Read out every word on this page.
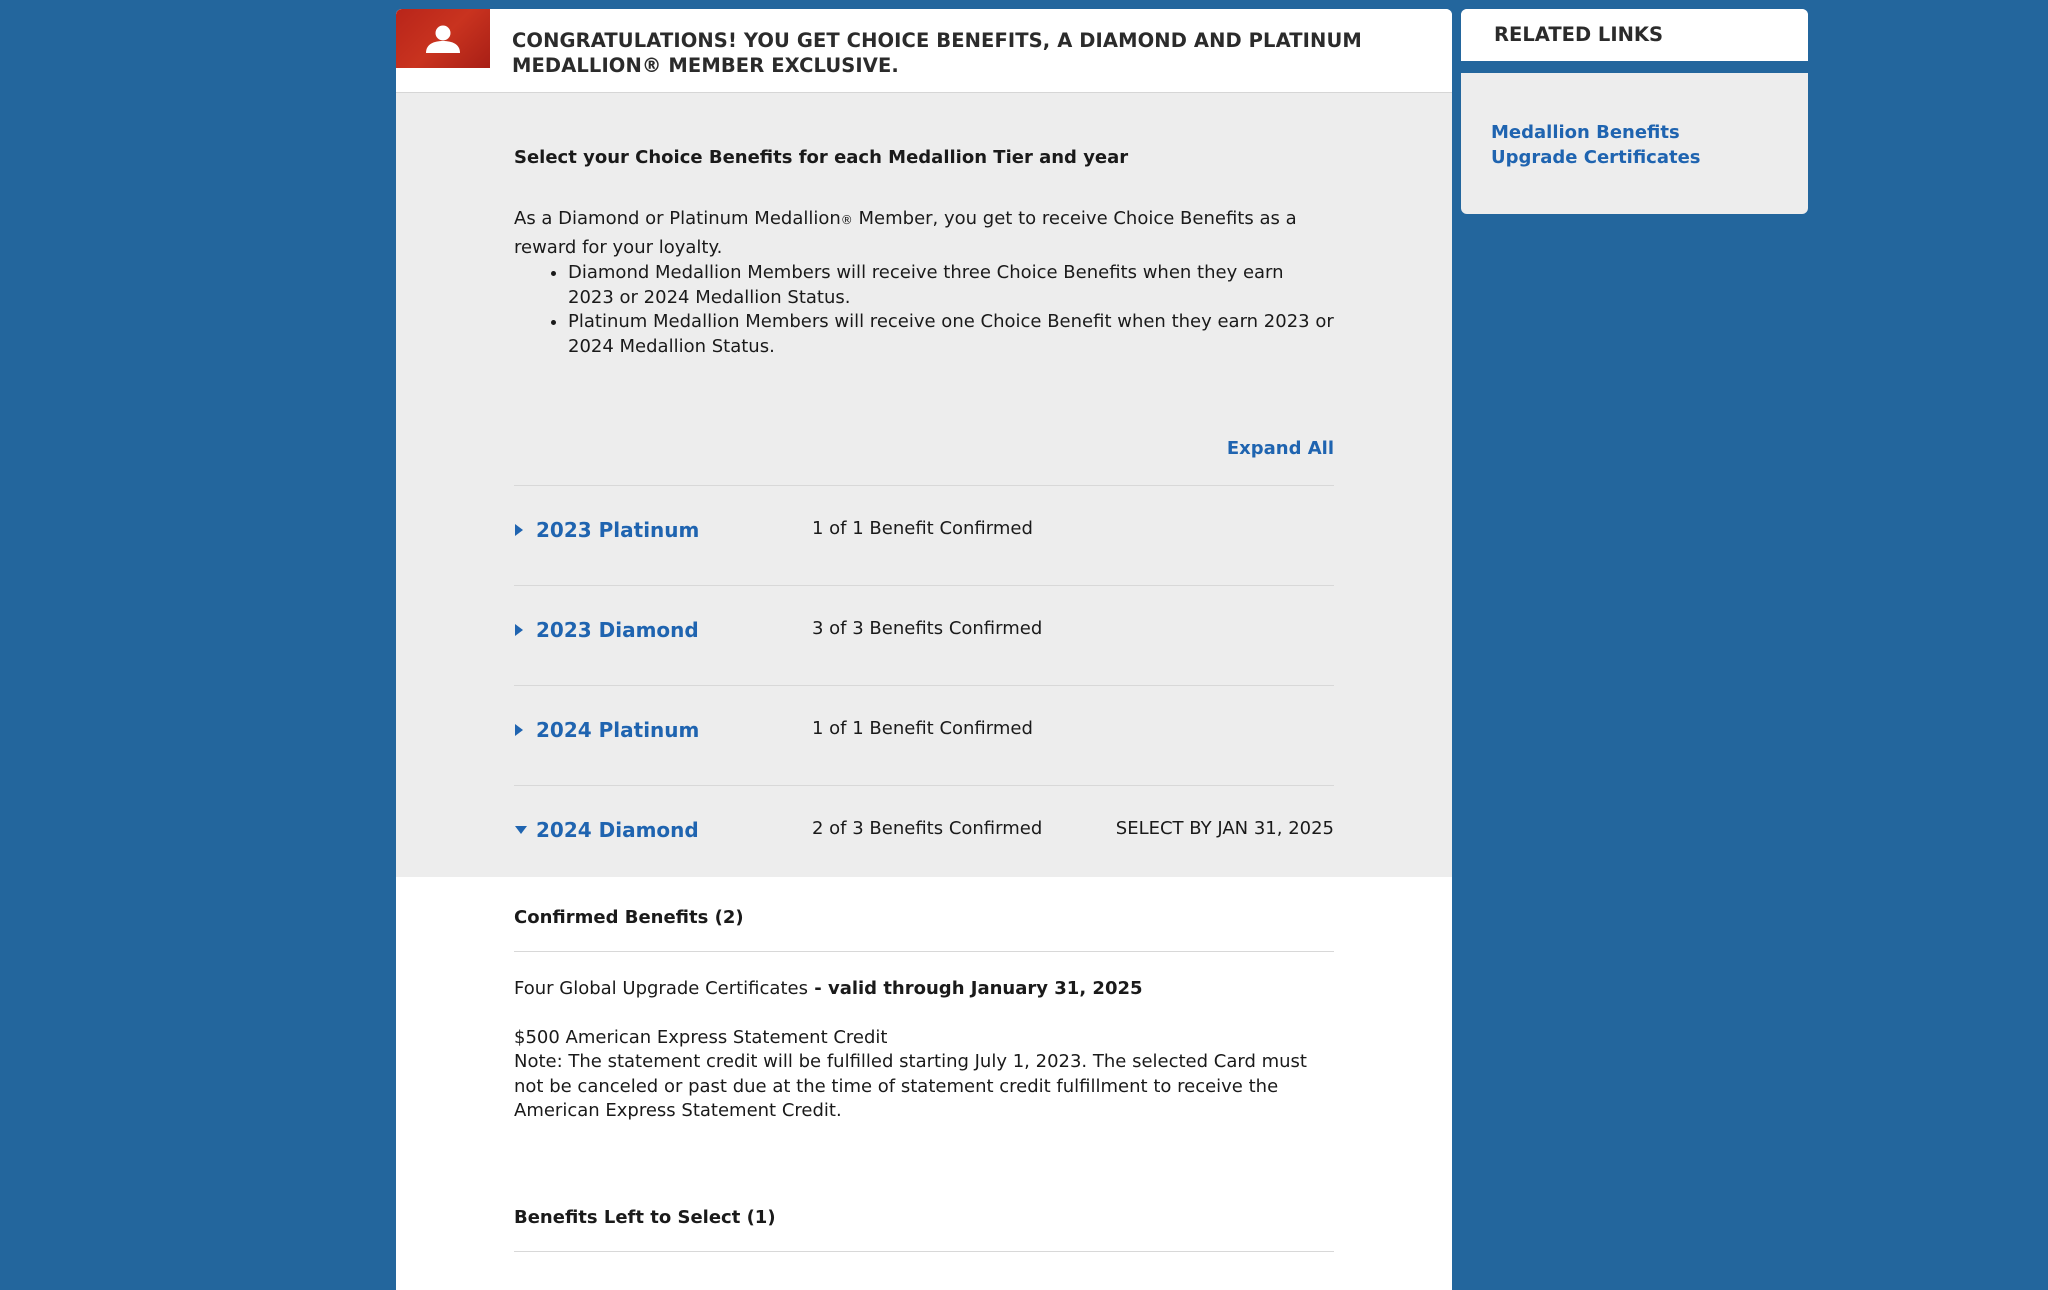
CONGRATULATIONS! YOU GET CHOICE BENEFITS, A DIAMOND AND PLATINUM MEDALLION® MEMBER EXCLUSIVE.
Select your Choice Benefits for each Medallion Tier and year
As a Diamond or Platinum Medallion® Member, you get to receive Choice Benefits as a reward for your loyalty.
• Diamond Medallion Members will receive three Choice Benefits when they earn 2023 or 2024 Medallion Status.
• Platinum Medallion Members will receive one Choice Benefit when they earn 2023 or 2024 Medallion Status.
Expand All
2023 Platinum	1 of 1 Benefit Confirmed
2023 Diamond	3 of 3 Benefits Confirmed
2024 Platinum	1 of 1 Benefit Confirmed
2024 Diamond	2 of 3 Benefits Confirmed	SELECT BY JAN 31, 2025
Confirmed Benefits (2)
Four Global Upgrade Certificates - valid through January 31, 2025
$500 American Express Statement Credit
Note: The statement credit will be fulfilled starting July 1, 2023. The selected Card must not be canceled or past due at the time of statement credit fulfillment to receive the American Express Statement Credit.
Benefits Left to Select (1)
RELATED LINKS
Medallion Benefits
Upgrade Certificates
